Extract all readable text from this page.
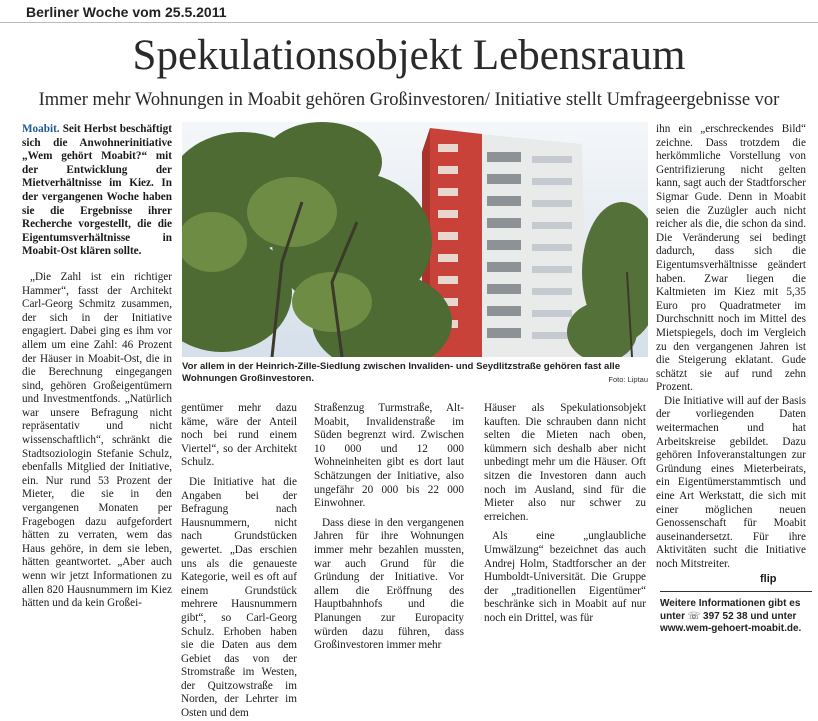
Berliner Woche vom 25.5.2011
Spekulationsobjekt Lebensraum
Immer mehr Wohnungen in Moabit gehören Großinvestoren/ Initiative stellt Umfrageergebnisse vor

Moabit. Seit Herbst beschäftigt sich die Anwohnerinitiative „Wem gehört Moabit?“ mit der Entwicklung der Mietverhältnisse im Kiez. In der vergangenen Woche haben sie die Ergebnisse ihrer Recherche vorgestellt, die die Eigentumsverhältnisse in Moabit-Ost klären sollte.

„Die Zahl ist ein richtiger Hammer“, fasst der Architekt Carl-Georg Schmitz zusammen, der sich in der Initiative engagiert. Dabei ging es ihm vor allem um eine Zahl: 46 Prozent der Häuser in Moabit-Ost, die in die Berechnung eingegangen sind, gehören Großeigentümern und Investmentfonds. „Natürlich war unsere Befragung nicht repräsentativ und nicht wissenschaftlich“, schränkt die Stadtsoziologin Stefanie Schulz, ebenfalls Mitglied der Initiative, ein. Nur rund 53 Prozent der Mieter, die sie in den vergangenen Monaten per Fragebogen dazu aufgefordert hätten zu verraten, wem das Haus gehöre, in dem sie leben, hätten geantwortet. „Aber auch wenn wir jetzt Informationen zu allen 820 Hausnummern im Kiez hätten und da kein Großei-

Vor allem in der Heinrich-Zille-Siedlung zwischen Invaliden- und Seydlitzstraße gehören fast alle Wohnungen Großinvestoren.	Foto: Liptau

gentümer mehr dazu käme, wäre der Anteil noch bei rund einem Viertel“, so der Architekt Schulz.

Die Initiative hat die Angaben bei der Befragung nach Hausnummern, nicht nach Grundstücken gewertet. „Das erschien uns als die genaueste Kategorie, weil es oft auf einem Grundstück mehrere Hausnummern gibt“, so Carl-Georg Schulz. Erhoben haben sie die Daten aus dem Gebiet das von der Stromstraße im Westen, der Quitzowstraße im Norden, der Lehrter im Osten und dem

Straßenzug Turmstraße, Alt-Moabit, Invalidenstraße im Süden begrenzt wird. Zwischen 10 000 und 12 000 Wohneinheiten gibt es dort laut Schätzungen der Initiative, also ungefähr 20 000 bis 22 000 Einwohner.

Dass diese in den vergangenen Jahren für ihre Wohnungen immer mehr bezahlen mussten, war auch Grund für die Gründung der Initiative. Vor allem die Eröffnung des Hauptbahnhofs und die Planungen zur Europacity würden dazu führen, dass Großinvestoren immer mehr

Häuser als Spekulationsobjekt kauften. Die schrauben dann nicht selten die Mieten nach oben, kümmern sich deshalb aber nicht unbedingt mehr um die Häuser. Oft sitzen die Investoren dann auch noch im Ausland, sind für die Mieter also nur schwer zu erreichen.

Als eine „unglaubliche Umwälzung“ bezeichnet das auch Andrej Holm, Stadtforscher an der Humboldt-Universität. Die Gruppe der „traditionellen Eigentümer“ beschränke sich in Moabit auf nur noch ein Drittel, was für

ihn ein „erschreckendes Bild“ zeichne. Dass trotzdem die herkömmliche Vorstellung von Gentrifizierung nicht gelten kann, sagt auch der Stadtforscher Sigmar Gude. Denn in Moabit seien die Zuzügler auch nicht reicher als die, die schon da sind. Die Veränderung sei bedingt dadurch, dass sich die Eigentumsverhältnisse geändert haben. Zwar liegen die Kaltmieten im Kiez mit 5,35 Euro pro Quadratmeter im Durchschnitt noch im Mittel des Mietspiegels, doch im Vergleich zu den vergangenen Jahren ist die Steigerung eklatant. Gude schätzt sie auf rund zehn Prozent.

Die Initiative will auf der Basis der vorliegenden Daten weitermachen und hat Arbeitskreise gebildet. Dazu gehören Infoveranstaltungen zur Gründung eines Mieterbeirats, ein Eigentümerstammtisch und eine Art Werkstatt, die sich mit einer möglichen neuen Genossenschaft für Moabit auseinandersetzt. Für ihre Aktivitäten sucht die Initiative noch Mitstreiter.

flip
Weitere Informationen gibt es
unter ☏ 397 52 38 und unter
www.wem-gehoert-moabit.de.
